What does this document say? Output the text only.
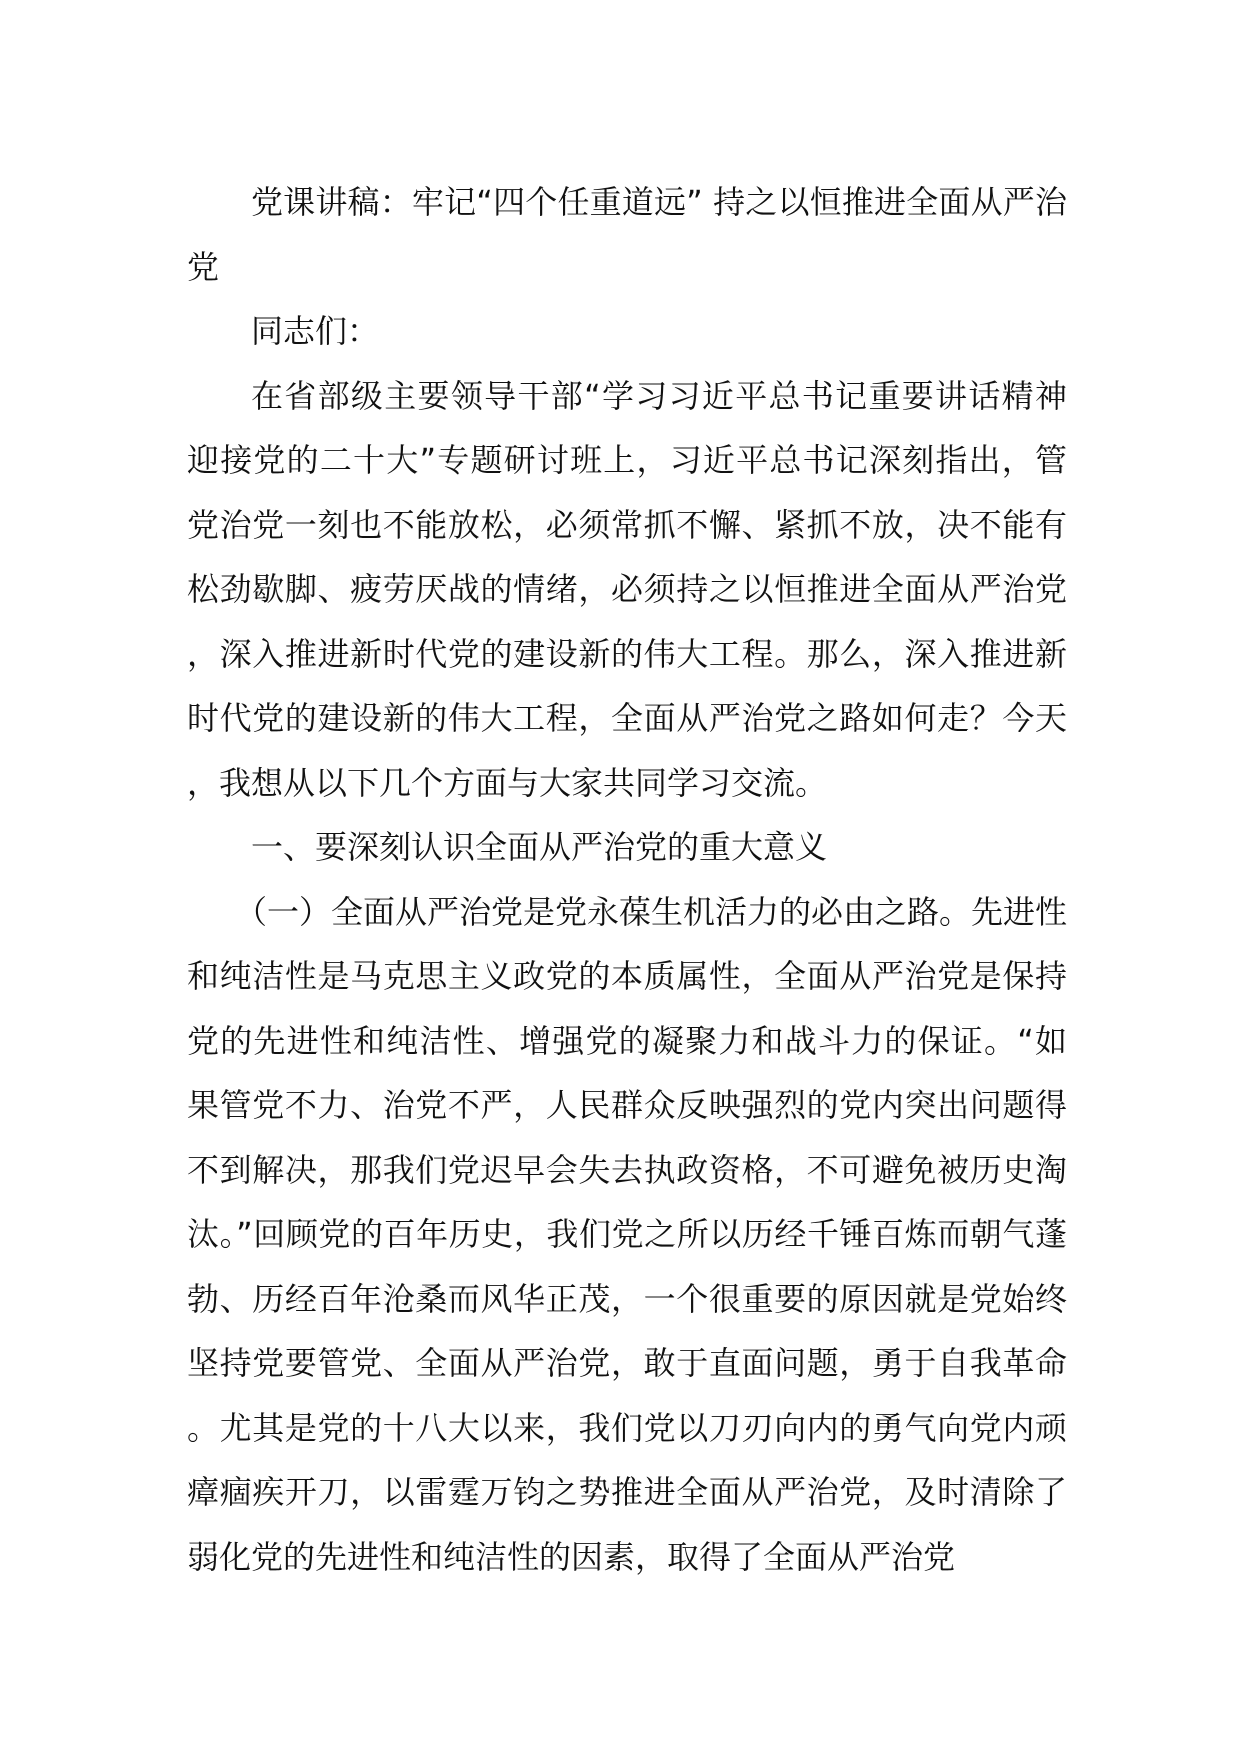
党课讲稿：牢记“四个任重道远” 持之以恒推进全面从严治党

同志们：

在省部级主要领导干部“学习习近平总书记重要讲话精神 迎接党的二十大”专题研讨班上，习近平总书记深刻指出，管党治党一刻也不能放松，必须常抓不懈、紧抓不放，决不能有松劲歇脚、疲劳厌战的情绪，必须持之以恒推进全面从严治党，深入推进新时代党的建设新的伟大工程。那么，深入推进新时代党的建设新的伟大工程，全面从严治党之路如何走？今天，我想从以下几个方面与大家共同学习交流。

一、要深刻认识全面从严治党的重大意义

（一）全面从严治党是党永葆生机活力的必由之路。先进性和纯洁性是马克思主义政党的本质属性，全面从严治党是保持党的先进性和纯洁性、增强党的凝聚力和战斗力的保证。“如果管党不力、治党不严，人民群众反映强烈的党内突出问题得不到解决，那我们党迟早会失去执政资格，不可避免被历史淘汰。”回顾党的百年历史，我们党之所以历经千锤百炼而朝气蓬勃、历经百年沧桑而风华正茂，一个很重要的原因就是党始终坚持党要管党、全面从严治党，敢于直面问题，勇于自我革命。尤其是党的十八大以来，我们党以刀刃向内的勇气向党内顽瘴痼疾开刀，以雷霆万钧之势推进全面从严治党，及时清除了弱化党的先进性和纯洁性的因素，取得了全面从严治党
